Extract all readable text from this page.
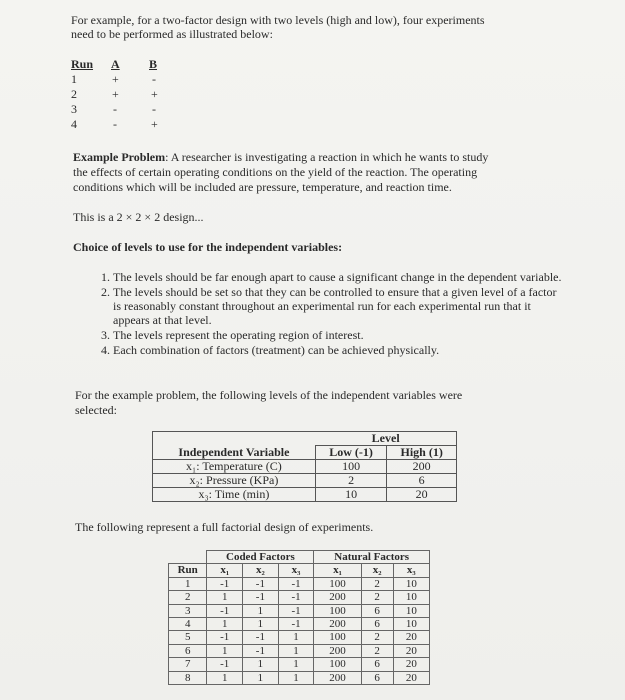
For example, for a two-factor design with two levels (high and low), four experiments
need to be performed as illustrated below:
Run A B
1	+	-
2	+	+
3	-	-
4	-	+
Example Problem: A researcher is investigating a reaction in which he wants to study
the effects of certain operating conditions on the yield of the reaction. The operating
conditions which will be included are pressure, temperature, and reaction time.
This is a 2 × 2 × 2 design...
Choice of levels to use for the independent variables:
1. The levels should be far enough apart to cause a significant change in the dependent variable.
2. The levels should be set so that they can be controlled to ensure that a given level of a factor is reasonably constant throughout an experimental run for each experimental run that it appears at that level.
3. The levels represent the operating region of interest.
4. Each combination of factors (treatment) can be achieved physically.
For the example problem, the following levels of the independent variables were
selected:
	Level	
Independent Variable	Low (-1)	High (1)
x₁: Temperature (C)	100	200
x₂: Pressure (KPa)	2	6
x₃: Time (min)	10	20
The following represent a full factorial design of experiments.
	Coded Factors			Natural Factors		
Run	x₁	x₂	x₃	x₁	x₂	x₃
1	-1	-1	-1	100	2	10
2	1	-1	-1	200	2	10
3	-1	1	-1	100	6	10
4	1	1	-1	200	6	10
5	-1	-1	1	100	2	20
6	1	-1	1	200	2	20
7	-1	1	1	100	6	20
8	1	1	1	200	6	20
